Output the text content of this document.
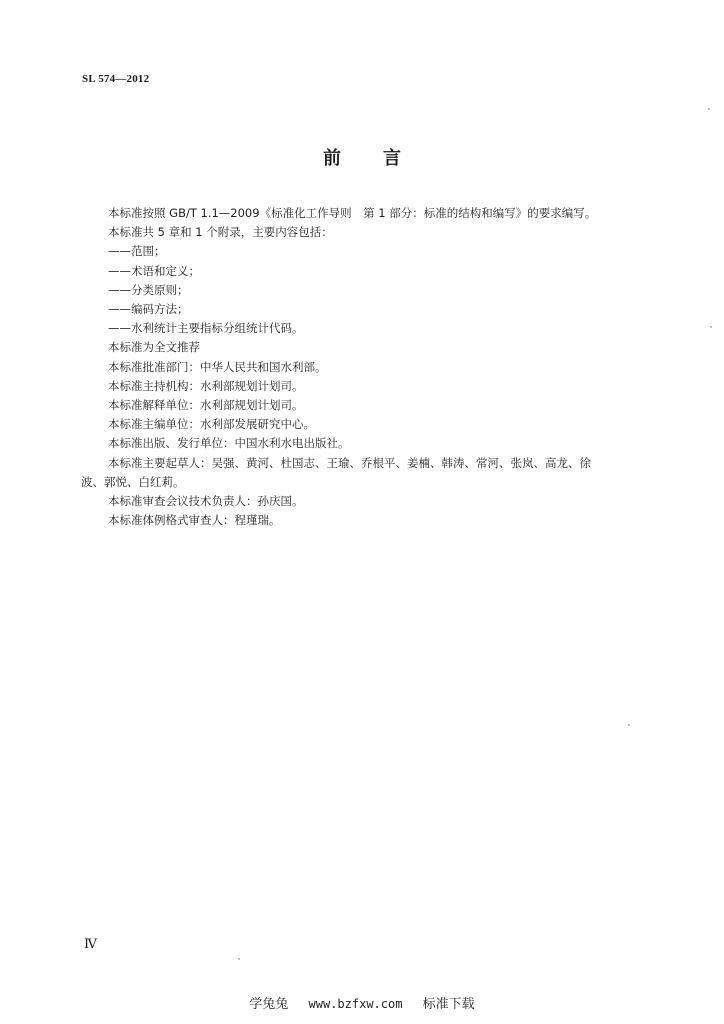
SL 574—2012
前 言

本标准按照 GB/T 1.1—2009《标准化工作导则　第 1 部分：标准的结构和编写》的要求编写。

本标准共 5 章和 1 个附录，主要内容包括：

——范围；

——术语和定义；

——分类原则；

——编码方法；

——水利统计主要指标分组统计代码。

本标准为全文推荐

本标准批准部门：中华人民共和国水利部。

本标准主持机构：水利部规划计划司。

本标准解释单位：水利部规划计划司。

本标准主编单位：水利部发展研究中心。

本标准出版、发行单位：中国水利水电出版社。

本标准主要起草人：吴强、黄河、杜国志、王瑜、乔根平、姜楠、韩涛、常河、张岚、高龙、徐

波、郭悦、白红莉。

本标准审查会议技术负责人：孙庆国。

本标准体例格式审查人：程瑾瑞。

Ⅳ
学兔兔 www.bzfxw.com 标准下载
